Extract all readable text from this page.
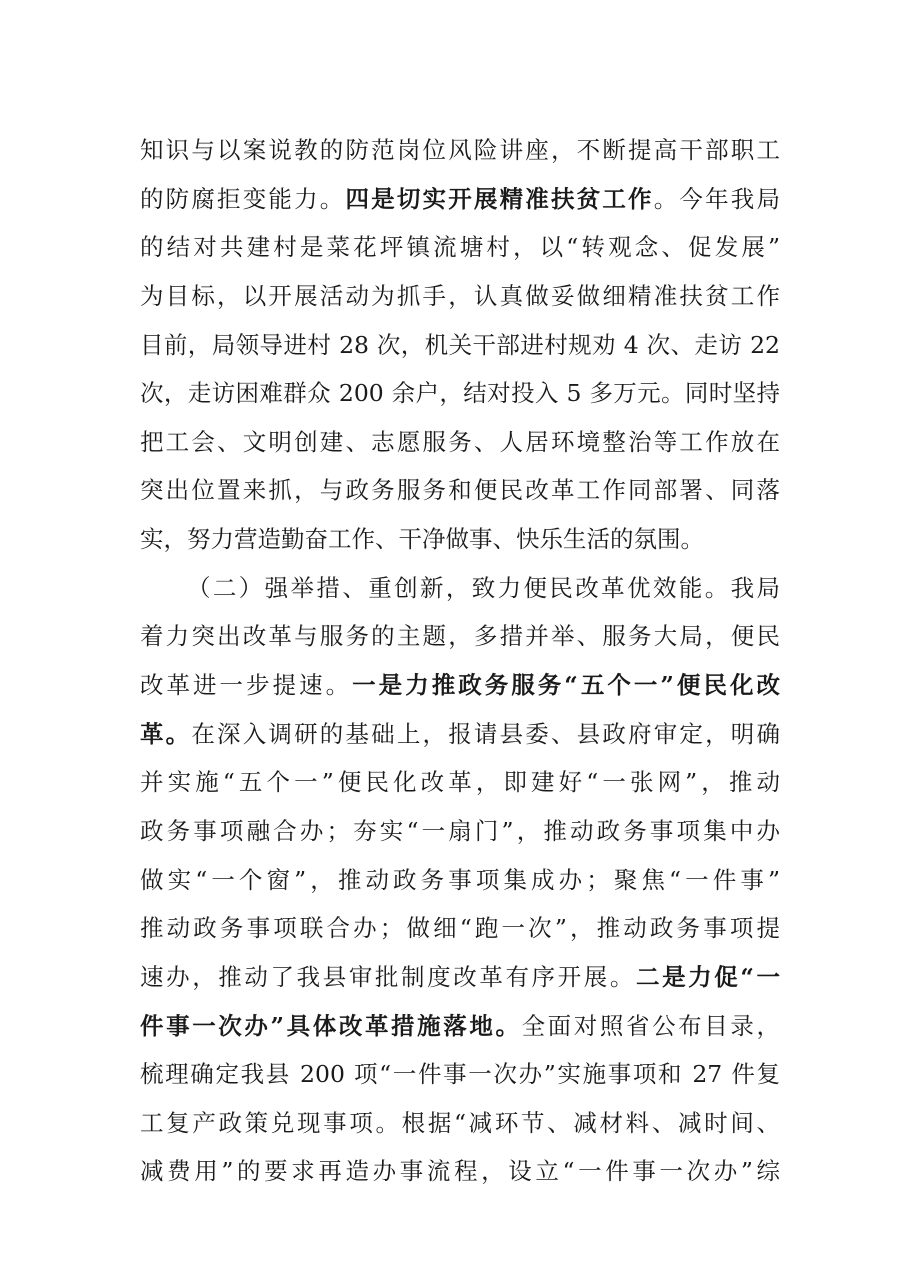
知识与以案说教的防范岗位风险讲座，不断提高干部职工
的防腐拒变能力。四是切实开展精准扶贫工作。今年我局
的结对共建村是菜花坪镇流塘村，以“转观念、促发展”
为目标，以开展活动为抓手，认真做妥做细精准扶贫工作
目前，局领导进村 28 次，机关干部进村规劝 4 次、走访 22
次，走访困难群众 200 余户，结对投入 5 多万元。同时坚持
把工会、文明创建、志愿服务、人居环境整治等工作放在
突出位置来抓，与政务服务和便民改革工作同部署、同落
实，努力营造勤奋工作、干净做事、快乐生活的氛围。
（二）强举措、重创新，致力便民改革优效能。我局
着力突出改革与服务的主题，多措并举、服务大局，便民
改革进一步提速。一是力推政务服务“五个一”便民化改
革。在深入调研的基础上，报请县委、县政府审定，明确
并实施“五个一”便民化改革，即建好“一张网”，推动
政务事项融合办；夯实“一扇门”，推动政务事项集中办
做实“一个窗”，推动政务事项集成办；聚焦“一件事”
推动政务事项联合办；做细“跑一次”，推动政务事项提
速办，推动了我县审批制度改革有序开展。二是力促“一
件事一次办”具体改革措施落地。全面对照省公布目录，
梳理确定我县 200 项“一件事一次办”实施事项和 27 件复
工复产政策兑现事项。根据“减环节、减材料、减时间、
减费用”的要求再造办事流程，设立“一件事一次办”综
